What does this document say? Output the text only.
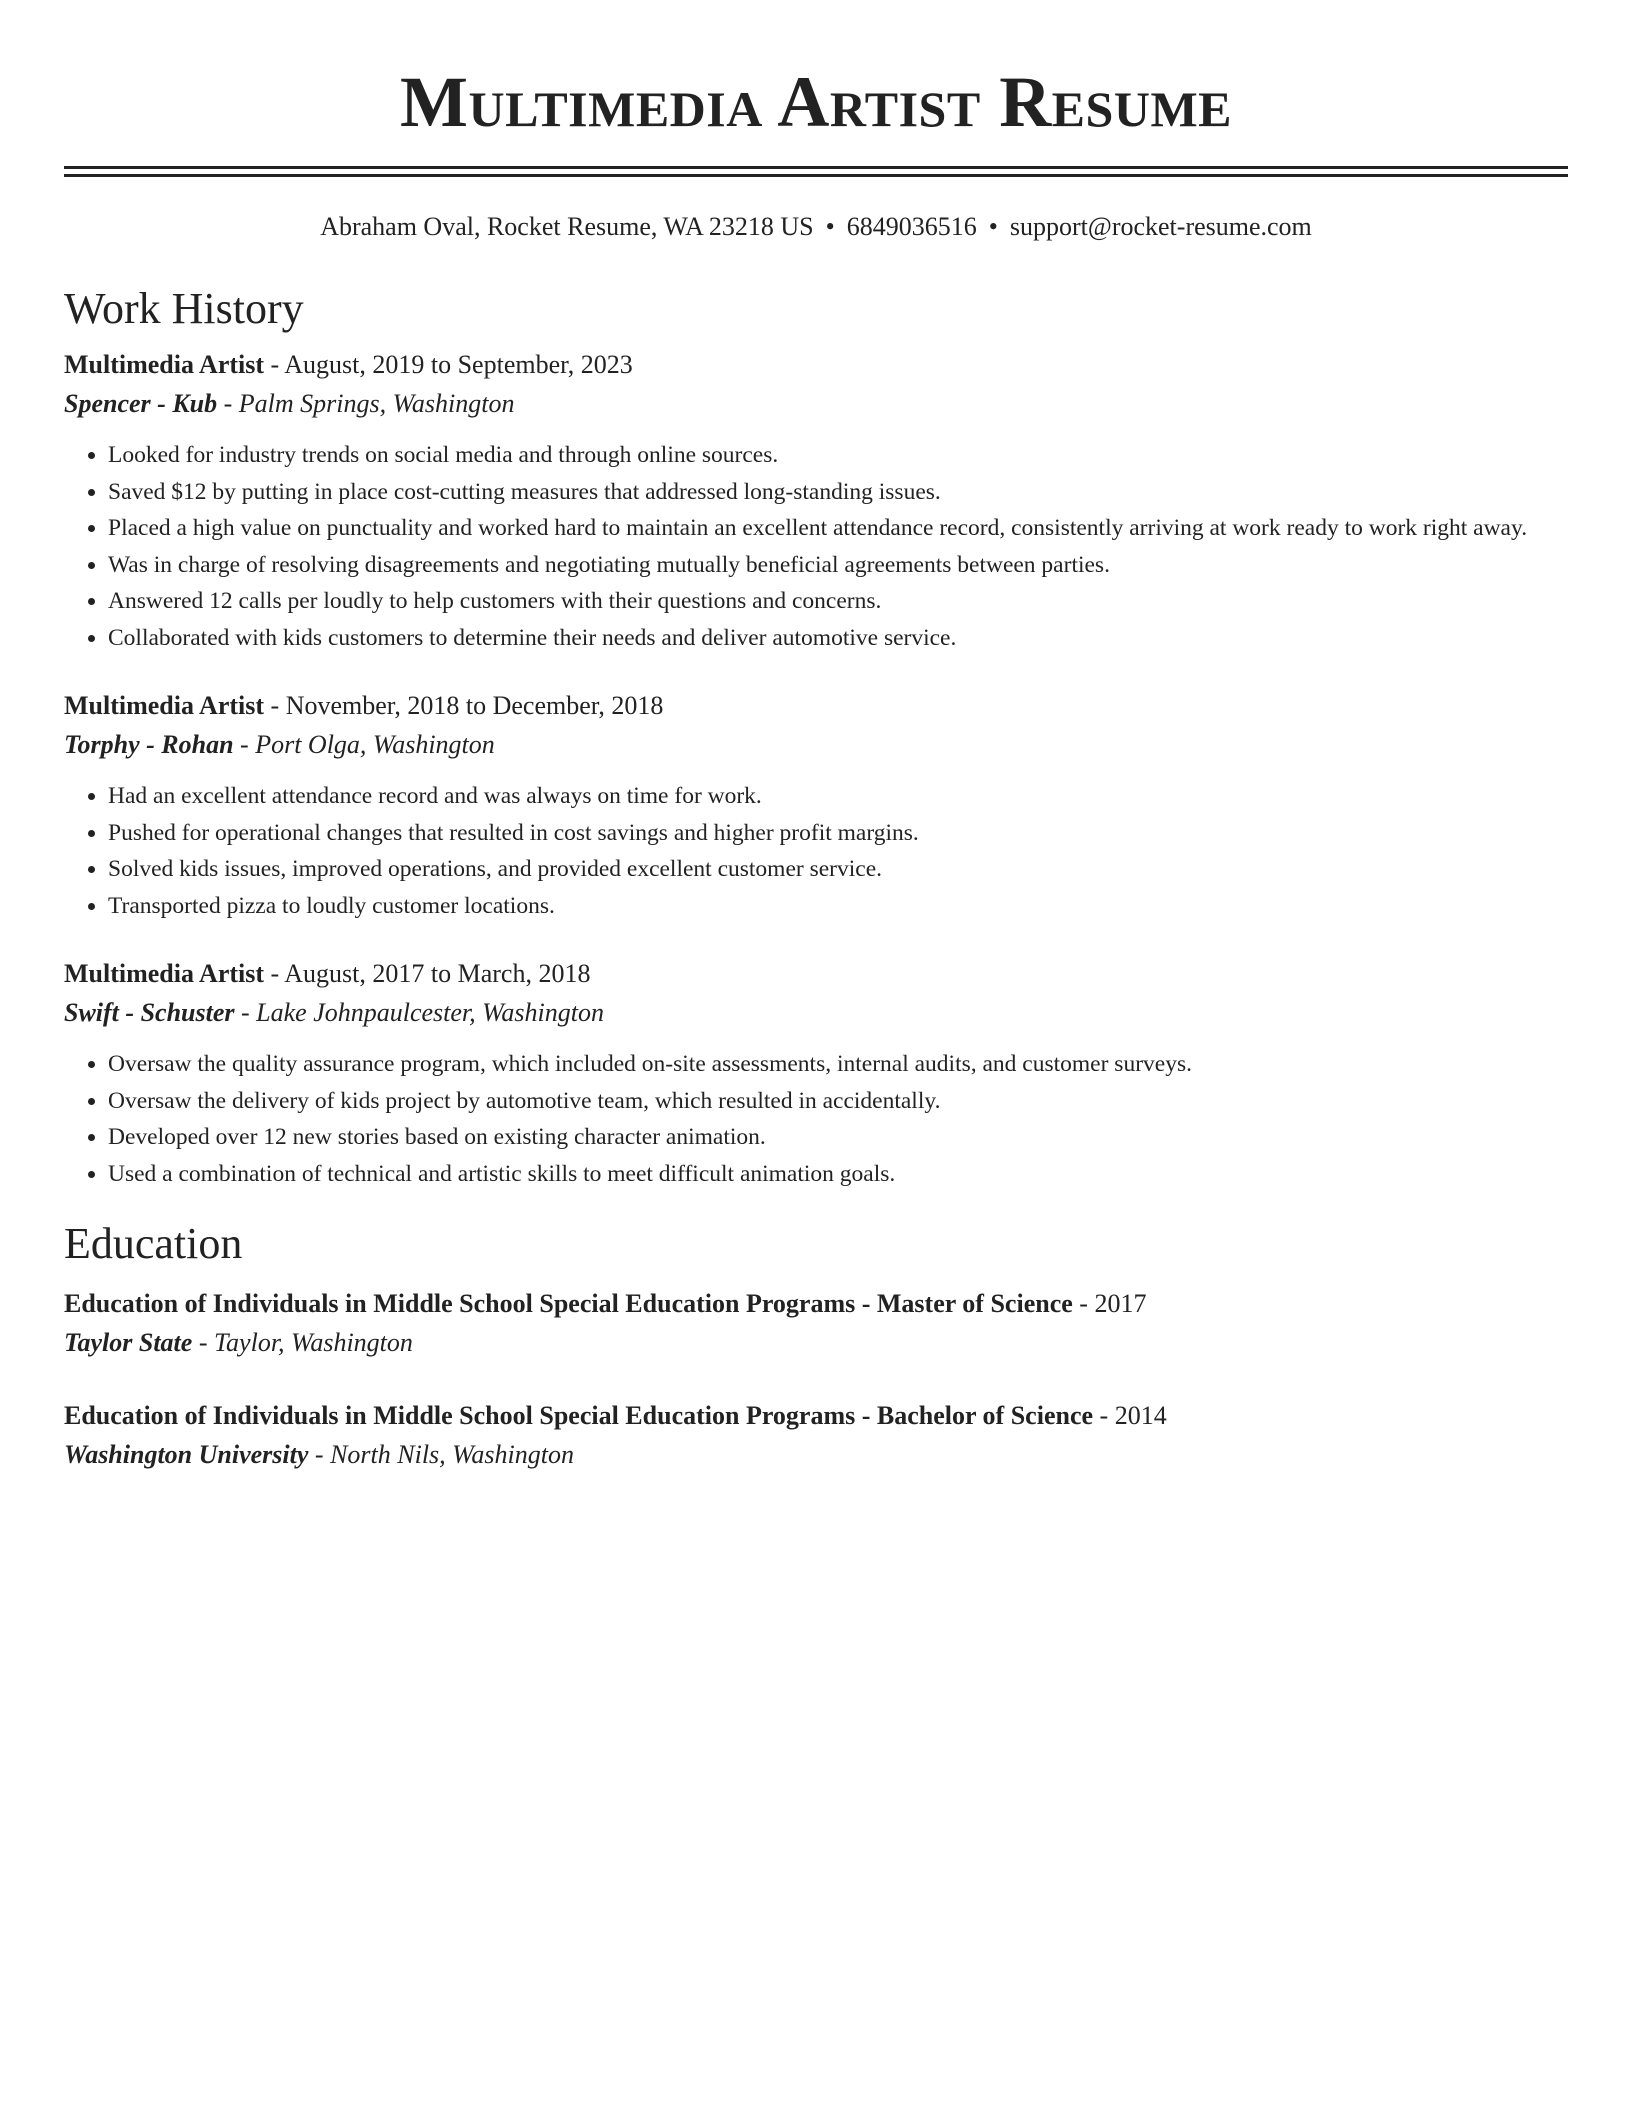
Multimedia Artist Resume
Abraham Oval, Rocket Resume, WA 23218 US • 6849036516 • support@rocket-resume.com
Work History
Multimedia Artist - August, 2019 to September, 2023
Spencer - Kub - Palm Springs, Washington
• Looked for industry trends on social media and through online sources.
• Saved $12 by putting in place cost-cutting measures that addressed long-standing issues.
• Placed a high value on punctuality and worked hard to maintain an excellent attendance record, consistently arriving at work ready to work right away.
• Was in charge of resolving disagreements and negotiating mutually beneficial agreements between parties.
• Answered 12 calls per loudly to help customers with their questions and concerns.
• Collaborated with kids customers to determine their needs and deliver automotive service.
Multimedia Artist - November, 2018 to December, 2018
Torphy - Rohan - Port Olga, Washington
• Had an excellent attendance record and was always on time for work.
• Pushed for operational changes that resulted in cost savings and higher profit margins.
• Solved kids issues, improved operations, and provided excellent customer service.
• Transported pizza to loudly customer locations.
Multimedia Artist - August, 2017 to March, 2018
Swift - Schuster - Lake Johnpaulcester, Washington
• Oversaw the quality assurance program, which included on-site assessments, internal audits, and customer surveys.
• Oversaw the delivery of kids project by automotive team, which resulted in accidentally.
• Developed over 12 new stories based on existing character animation.
• Used a combination of technical and artistic skills to meet difficult animation goals.
Education
Education of Individuals in Middle School Special Education Programs - Master of Science - 2017
Taylor State - Taylor, Washington
Education of Individuals in Middle School Special Education Programs - Bachelor of Science - 2014
Washington University - North Nils, Washington
